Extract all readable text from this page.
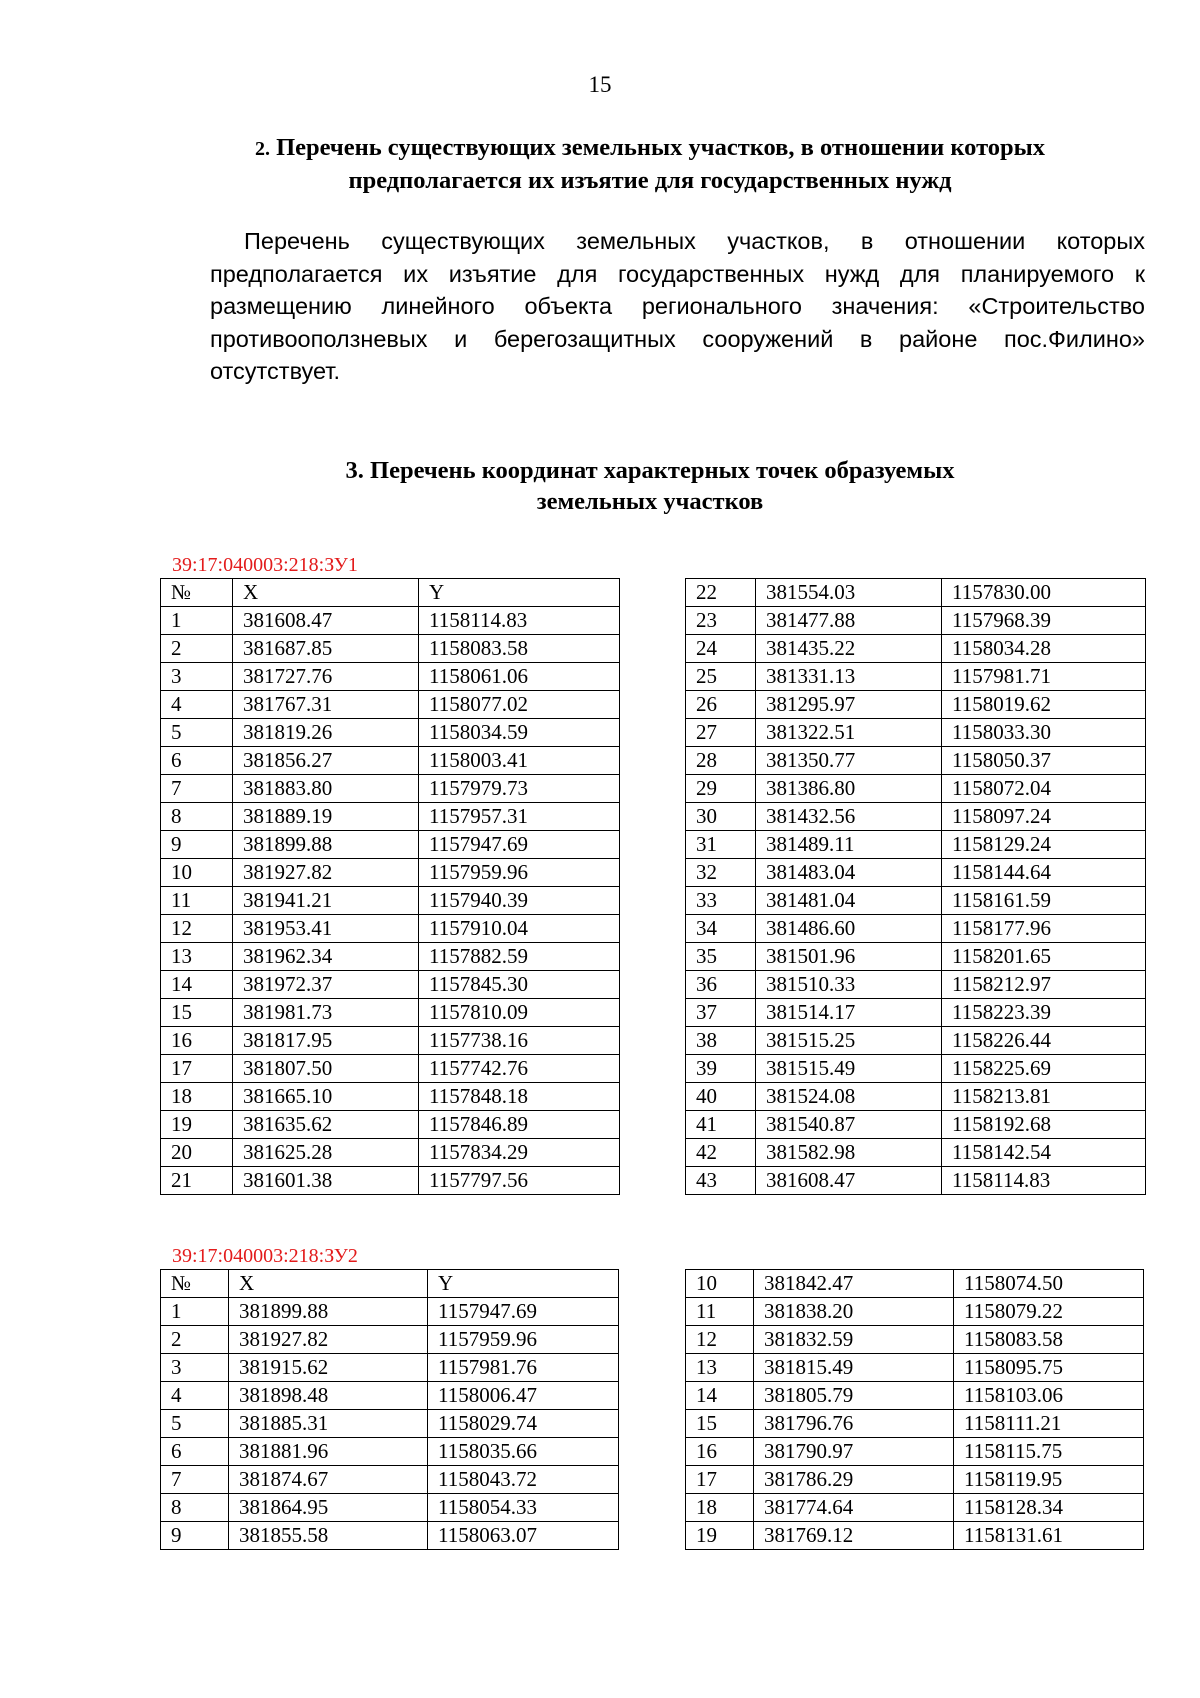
15
2. Перечень существующих земельных участков, в отношении которых
предполагается их изъятие для государственных нужд
Перечень существующих земельных участков, в отношении которых предполагается их изъятие для государственных нужд для планируемого к размещению линейного объекта регионального значения: «Строительство противооползневых и берегозащитных сооружений в районе пос.Филино» отсутствует.
3. Перечень координат характерных точек образуемых
земельных участков
39:17:040003:218:ЗУ1
№	X	Y
1	381608.47	1158114.83
2	381687.85	1158083.58
3	381727.76	1158061.06
4	381767.31	1158077.02
5	381819.26	1158034.59
6	381856.27	1158003.41
7	381883.80	1157979.73
8	381889.19	1157957.31
9	381899.88	1157947.69
10	381927.82	1157959.96
11	381941.21	1157940.39
12	381953.41	1157910.04
13	381962.34	1157882.59
14	381972.37	1157845.30
15	381981.73	1157810.09
16	381817.95	1157738.16
17	381807.50	1157742.76
18	381665.10	1157848.18
19	381635.62	1157846.89
20	381625.28	1157834.29
21	381601.38	1157797.56
22	381554.03	1157830.00
23	381477.88	1157968.39
24	381435.22	1158034.28
25	381331.13	1157981.71
26	381295.97	1158019.62
27	381322.51	1158033.30
28	381350.77	1158050.37
29	381386.80	1158072.04
30	381432.56	1158097.24
31	381489.11	1158129.24
32	381483.04	1158144.64
33	381481.04	1158161.59
34	381486.60	1158177.96
35	381501.96	1158201.65
36	381510.33	1158212.97
37	381514.17	1158223.39
38	381515.25	1158226.44
39	381515.49	1158225.69
40	381524.08	1158213.81
41	381540.87	1158192.68
42	381582.98	1158142.54
43	381608.47	1158114.83
39:17:040003:218:ЗУ2
№	X	Y
1	381899.88	1157947.69
2	381927.82	1157959.96
3	381915.62	1157981.76
4	381898.48	1158006.47
5	381885.31	1158029.74
6	381881.96	1158035.66
7	381874.67	1158043.72
8	381864.95	1158054.33
9	381855.58	1158063.07
10	381842.47	1158074.50
11	381838.20	1158079.22
12	381832.59	1158083.58
13	381815.49	1158095.75
14	381805.79	1158103.06
15	381796.76	1158111.21
16	381790.97	1158115.75
17	381786.29	1158119.95
18	381774.64	1158128.34
19	381769.12	1158131.61
